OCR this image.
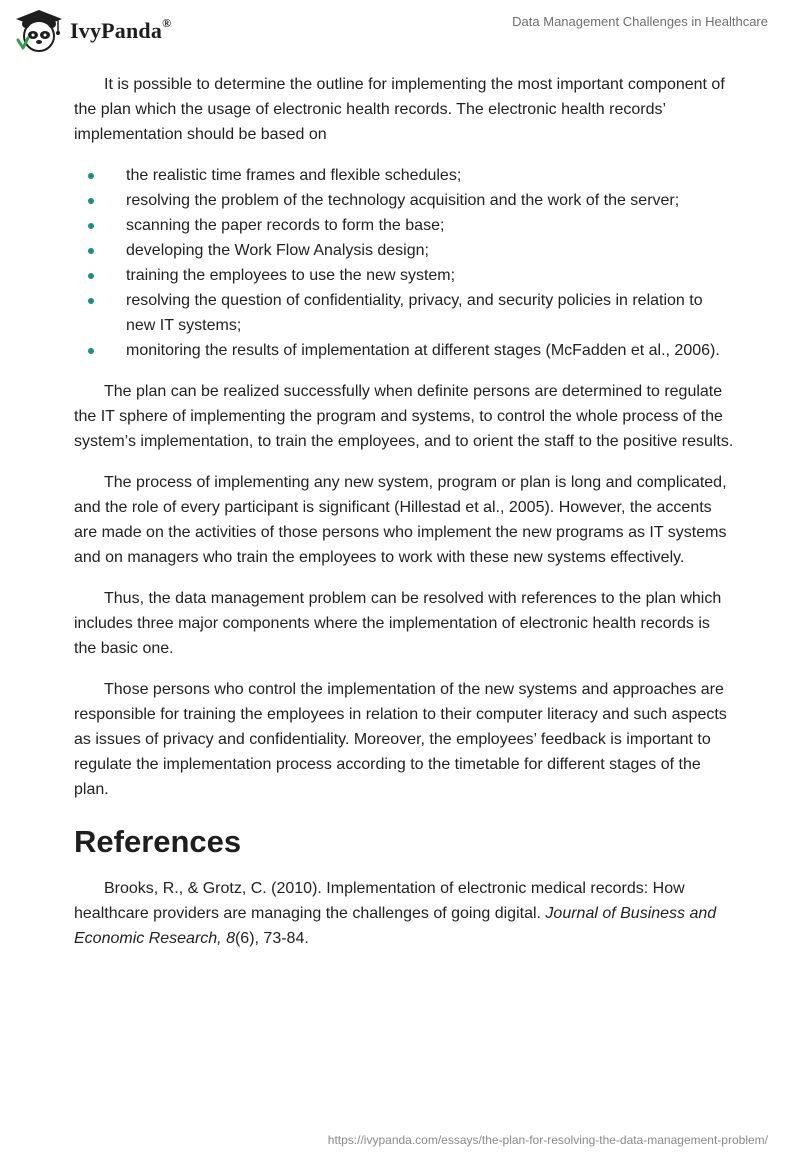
IvyPanda®	Data Management Challenges in Healthcare

It is possible to determine the outline for implementing the most important component of the plan which the usage of electronic health records. The electronic health records’ implementation should be based on

the realistic time frames and flexible schedules;
resolving the problem of the technology acquisition and the work of the server;
scanning the paper records to form the base;
developing the Work Flow Analysis design;
training the employees to use the new system;
resolving the question of confidentiality, privacy, and security policies in relation to new IT systems;
monitoring the results of implementation at different stages (McFadden et al., 2006).

The plan can be realized successfully when definite persons are determined to regulate the IT sphere of implementing the program and systems, to control the whole process of the system’s implementation, to train the employees, and to orient the staff to the positive results.

The process of implementing any new system, program or plan is long and complicated, and the role of every participant is significant (Hillestad et al., 2005). However, the accents are made on the activities of those persons who implement the new programs as IT systems and on managers who train the employees to work with these new systems effectively.

Thus, the data management problem can be resolved with references to the plan which includes three major components where the implementation of electronic health records is the basic one.

Those persons who control the implementation of the new systems and approaches are responsible for training the employees in relation to their computer literacy and such aspects as issues of privacy and confidentiality. Moreover, the employees’ feedback is important to regulate the implementation process according to the timetable for different stages of the plan.

References

Brooks, R., & Grotz, C. (2010). Implementation of electronic medical records: How healthcare providers are managing the challenges of going digital. Journal of Business and Economic Research, 8(6), 73-84.

https://ivypanda.com/essays/the-plan-for-resolving-the-data-management-problem/
